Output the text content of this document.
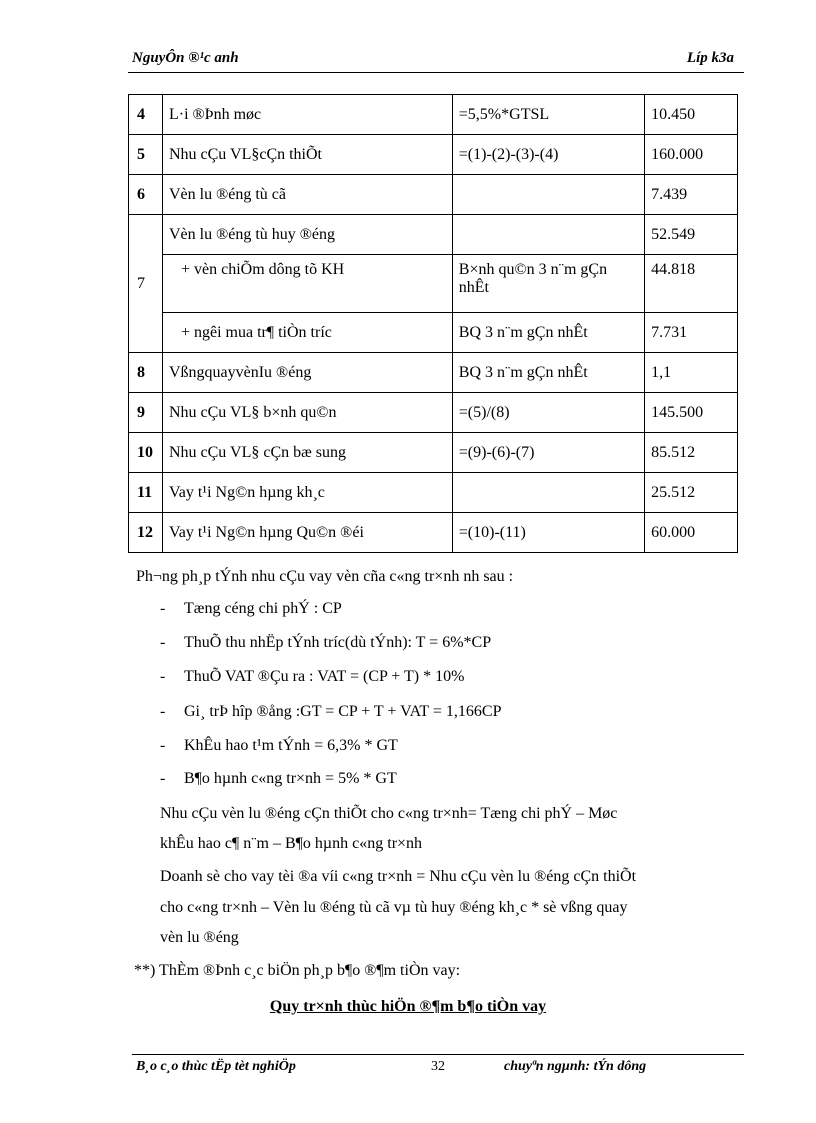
NguyÔn ®¹c anh	Líp k3a
4	L·i ®Þnh møc	=5,5%*GTSL	10.450
5	Nhu cÇu VL§cÇn thiÕt	=(1)-(2)-(3)-(4)	160.000
6	Vèn lu ®éng tù cã		7.439
7	Vèn lu ®éng tù huy ®éng		52.549
	+ vèn chiÕm dông tõ KH	B×nh qu©n 3 n¨m gÇn nhÊt	44.818
	+ ngêi mua tr¶ tiÒn tríc	BQ 3 n¨m gÇn nhÊt	7.731
8	VßngquayvènIu ®éng	BQ 3 n¨m gÇn nhÊt	1,1
9	Nhu cÇu VL§ b×nh qu©n	=(5)/(8)	145.500
10	Nhu cÇu VL§ cÇn bæ sung	=(9)-(6)-(7)	85.512
11	Vay t¹i Ng©n hµng kh¸c		25.512
12	Vay t¹i Ng©n hµng Qu©n ®éi	=(10)-(11)	60.000
Ph¬ng ph¸p tÝnh nhu cÇu vay vèn cña c«ng tr×nh nh sau :
- Tæng céng chi phÝ : CP
- ThuÕ thu nhËp tÝnh tríc(dù tÝnh): T = 6%*CP
- ThuÕ VAT ®Çu ra : VAT = (CP + T) * 10%
- Gi¸ trÞ hîp ®ång :GT = CP + T + VAT = 1,166CP
- KhÊu hao t¹m tÝnh = 6,3% * GT
- B¶o hµnh c«ng tr×nh = 5% * GT
Nhu cÇu vèn lu ®éng cÇn thiÕt cho c«ng tr×nh= Tæng chi phÝ – Møc
khÊu hao c¶ n¨m – B¶o hµnh c«ng tr×nh
Doanh sè cho vay tèi ®a víi c«ng tr×nh = Nhu cÇu vèn lu ®éng cÇn thiÕt
cho c«ng tr×nh – Vèn lu ®éng tù cã vµ tù huy ®éng kh¸c * sè vßng quay
vèn lu ®éng
**) ThÈm ®Þnh c¸c biÖn ph¸p b¶o ®¶m tiÒn vay:
Quy tr×nh thùc hiÖn ®¶m b¶o tiÒn vay
B¸o c¸o thùc tËp tèt nghiÖp	32	chuyªn ngµnh: tÝn dông
